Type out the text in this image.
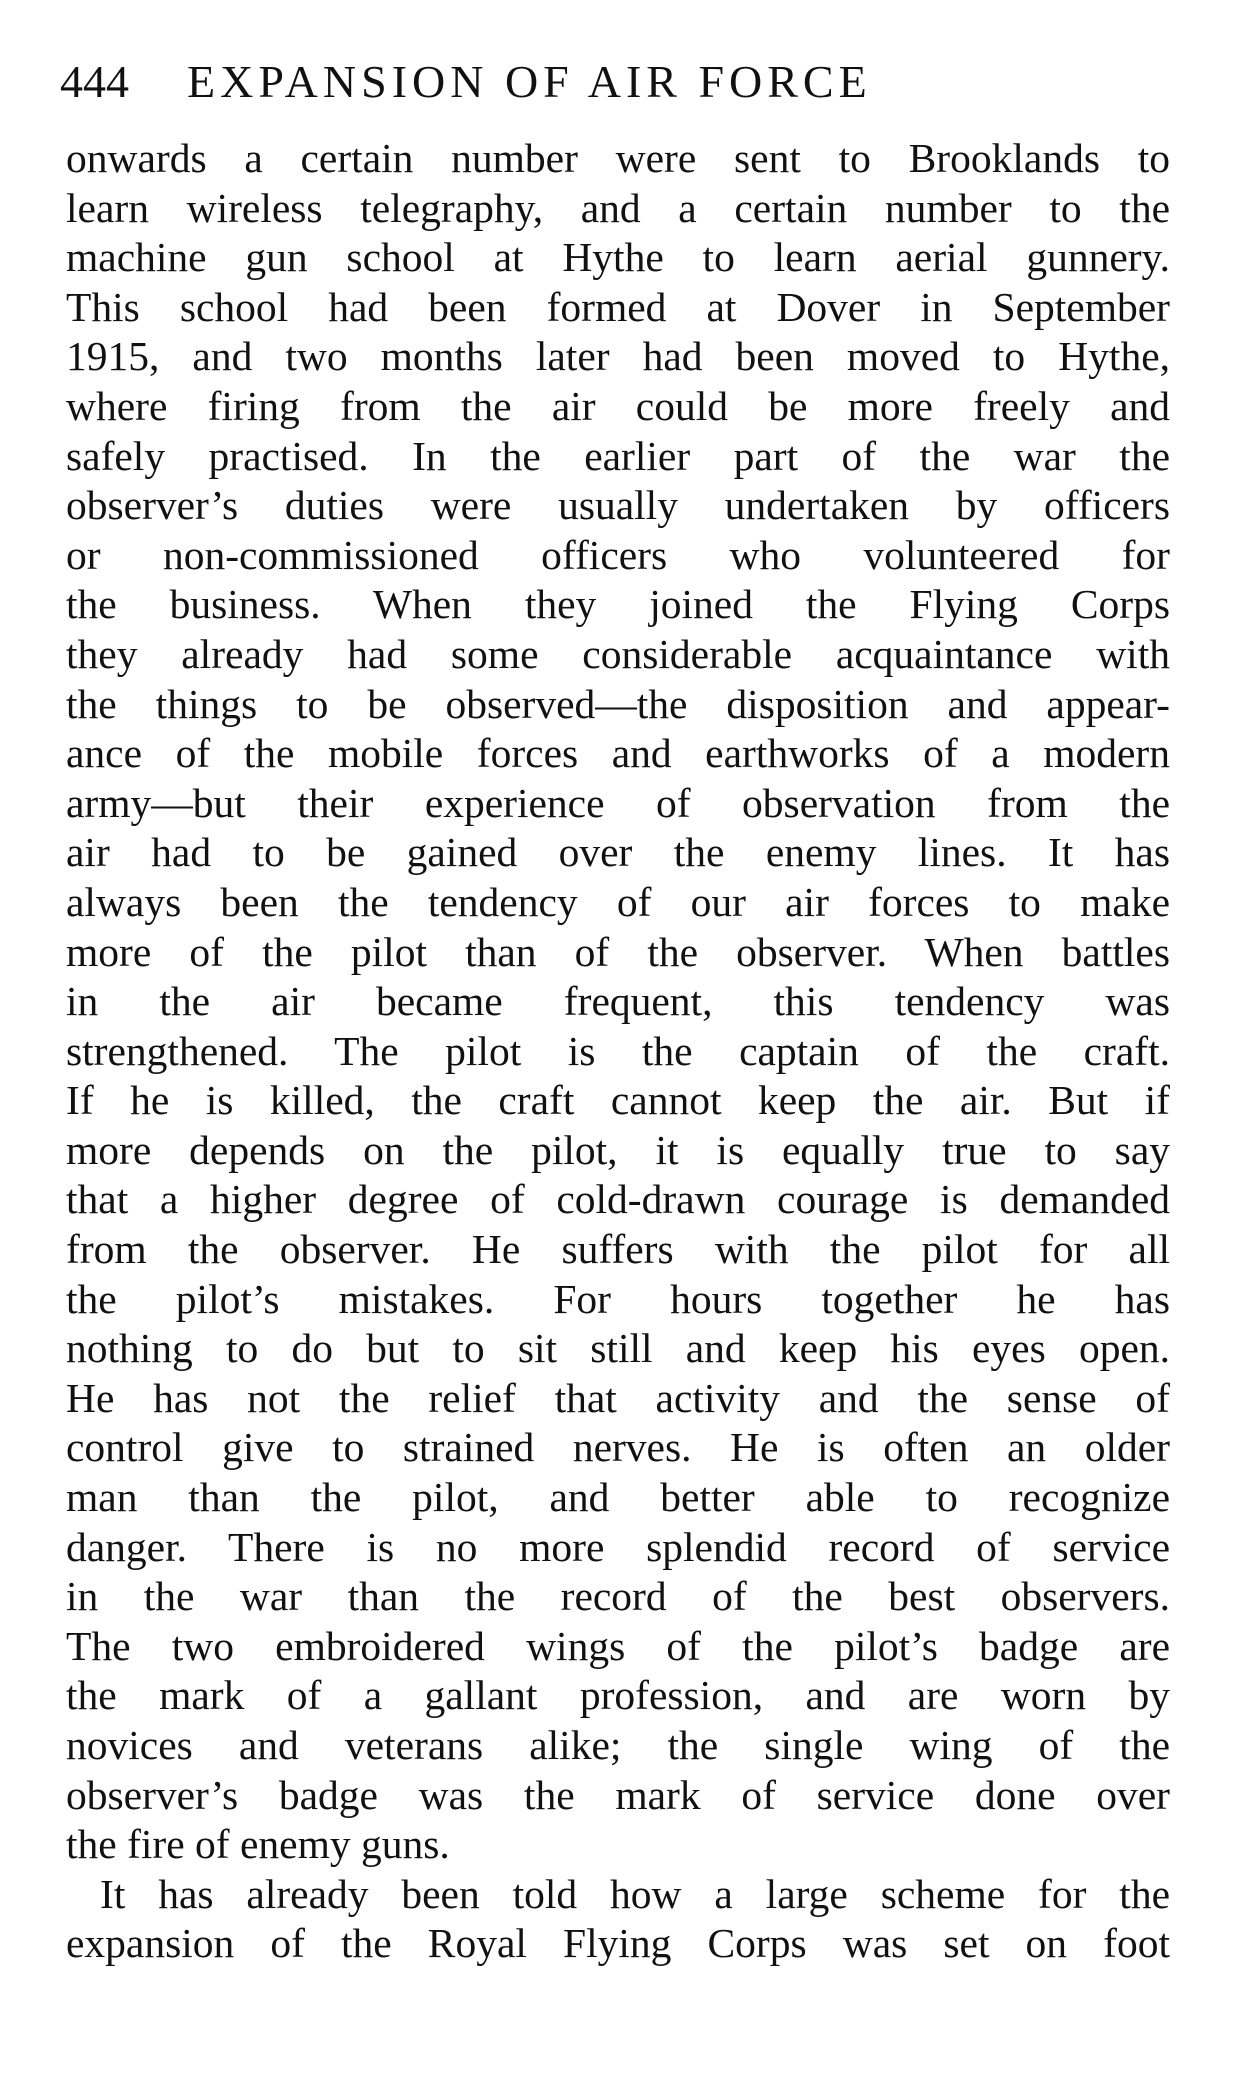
444 EXPANSION OF AIR FORCE
onwards a certain number were sent to Brooklands to
learn wireless telegraphy, and a certain number to the
machine gun school at Hythe to learn aerial gunnery.
This school had been formed at Dover in September
1915, and two months later had been moved to Hythe,
where firing from the air could be more freely and
safely practised. In the earlier part of the war the
observer’s duties were usually undertaken by officers
or non-commissioned officers who volunteered for
the business. When they joined the Flying Corps
they already had some considerable acquaintance with
the things to be observed—the disposition and appear-
ance of the mobile forces and earthworks of a modern
army—but their experience of observation from the
air had to be gained over the enemy lines. It has
always been the tendency of our air forces to make
more of the pilot than of the observer. When battles
in the air became frequent, this tendency was
strengthened. The pilot is the captain of the craft.
If he is killed, the craft cannot keep the air. But if
more depends on the pilot, it is equally true to say
that a higher degree of cold-drawn courage is demanded
from the observer. He suffers with the pilot for all
the pilot’s mistakes. For hours together he has
nothing to do but to sit still and keep his eyes open.
He has not the relief that activity and the sense of
control give to strained nerves. He is often an older
man than the pilot, and better able to recognize
danger. There is no more splendid record of service
in the war than the record of the best observers.
The two embroidered wings of the pilot’s badge are
the mark of a gallant profession, and are worn by
novices and veterans alike; the single wing of the
observer’s badge was the mark of service done over
the fire of enemy guns.
It has already been told how a large scheme for the
expansion of the Royal Flying Corps was set on foot
